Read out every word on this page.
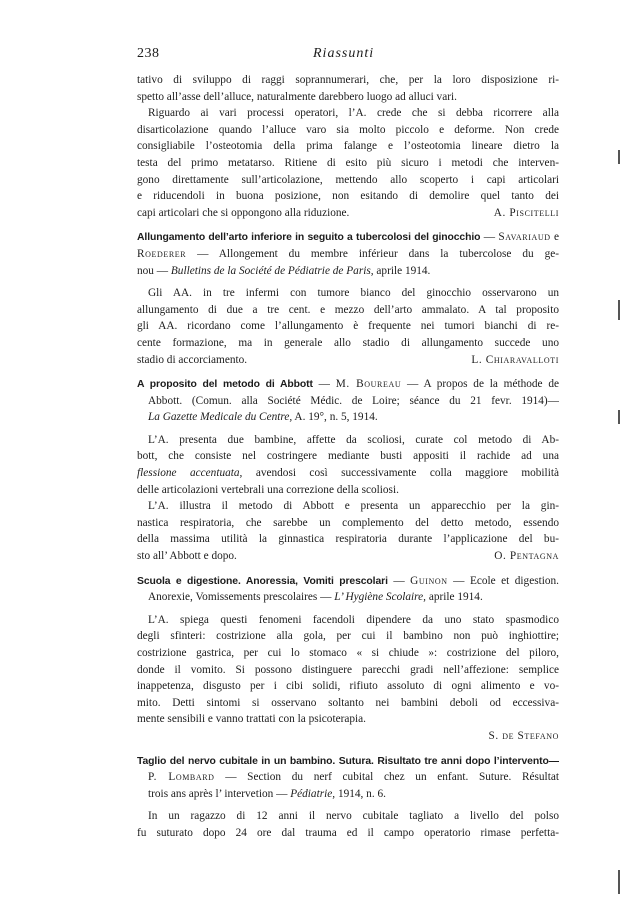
238	Riassunti
tativo di sviluppo di raggi soprannumerari, che, per la loro disposizione ri-
spetto all’asse dell’alluce, naturalmente darebbero luogo ad alluci vari.
Riguardo ai vari processi operatori, l’A. crede che si debba ricorrere alla
disarticolazione quando l’alluce varo sia molto piccolo e deforme. Non crede
consigliabile l’osteotomia della prima falange e l’osteotomia lineare dietro la
testa del primo metatarso. Ritiene di esito più sicuro i metodi che interven-
gono direttamente sull’articolazione, mettendo allo scoperto i capi articolari
e riducendoli in buona posizione, non esitando di demolire quel tanto dei
capi articolari che si oppongono alla riduzione.	A. Piscitelli
Allungamento dell’arto inferiore in seguito a tubercolosi del ginocchio — Savariaud e
Roederer — Allongement du membre inférieur dans la tubercolose du ge-
nou — Bulletins de la Société de Pédiatrie de Paris, aprile 1914.
Gli AA. in tre infermi con tumore bianco del ginocchio osservarono un
allungamento di due a tre cent. e mezzo dell’arto ammalato. A tal proposito
gli AA. ricordano come l’allungamento è frequente nei tumori bianchi di re-
cente formazione, ma in generale allo stadio di allungamento succede uno
stadio di accorciamento.	L. Chiaravalloti
A proposito del metodo di Abbott — M. Boureau — A propos de la méthode de
Abbott. (Comun. alla Société Médic. de Loire; séance du 21 fevr. 1914)—
La Gazette Medicale du Centre, A. 19°, n. 5, 1914.
L’A. presenta due bambine, affette da scoliosi, curate col metodo di Ab-
bott, che consiste nel costringere mediante busti appositi il rachide ad una
flessione accentuata, avendosi così successivamente colla maggiore mobilità
delle articolazioni vertebrali una correzione della scoliosi.
L’A. illustra il metodo di Abbott e presenta un apparecchio per la gin-
nastica respiratoria, che sarebbe un complemento del detto metodo, essendo
della massima utilità la ginnastica respiratoria durante l’applicazione del bu-
sto all’ Abbott e dopo.	O. Pentagna
Scuola e digestione. Anoressia, Vomiti prescolari — Guinon — Ecole et digestion.
Anorexie, Vomissements prescolaires — L’ Hygiène Scolaire, aprile 1914.
L’A. spiega questi fenomeni facendoli dipendere da uno stato spasmodico
degli sfinteri: costrizione alla gola, per cui il bambino non può inghiottire;
costrizione gastrica, per cui lo stomaco « si chiude »: costrizione del piloro,
donde il vomito. Si possono distinguere parecchi gradi nell’affezione: semplice
inappetenza, disgusto per i cibi solidi, rifiuto assoluto di ogni alimento e vo-
mito. Detti sintomi si osservano soltanto nei bambini deboli od eccessiva-
mente sensibili e vanno trattati con la psicoterapia.
S. de Stefano
Taglio del nervo cubitale in un bambino. Sutura. Risultato tre anni dopo l’intervento—
P. Lombard — Section du nerf cubital chez un enfant. Suture. Résultat
trois ans après l’ intervetion — Pédiatrie, 1914, n. 6.
In un ragazzo di 12 anni il nervo cubitale tagliato a livello del polso
fu suturato dopo 24 ore dal trauma ed il campo operatorio rimase perfetta-
